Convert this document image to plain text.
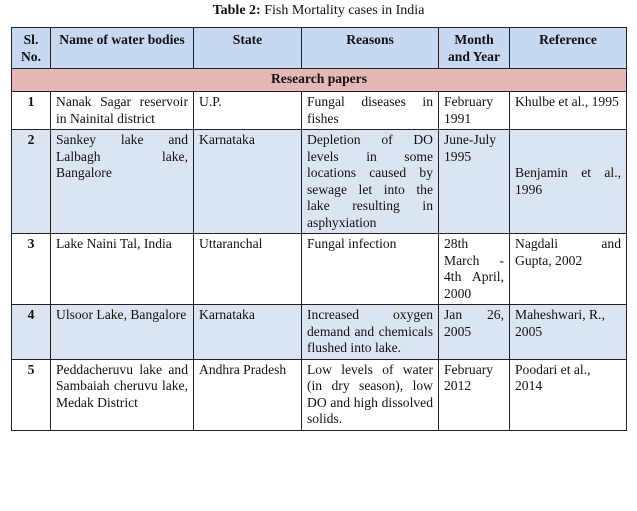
Table 2: Fish Mortality cases in India
Sl. No.	Name of water bodies	State	Reasons	Month and Year	Reference
Research papers					
1	Nanak Sagar reservoir in Nainital district	U.P.	Fungal diseases in fishes	February 1991	Khulbe et al., 1995
2	Sankey lake and Lalbagh lake, Bangalore	Karnataka	Depletion of DO levels in some locations caused by sewage let into the lake resulting in asphyxiation	June-July 1995	Benjamin et al., 1996
3	Lake Naini Tal, India	Uttaranchal	Fungal infection	28th March - 4th April, 2000	Nagdali and Gupta, 2002
4	Ulsoor Lake, Bangalore	Karnataka	Increased oxygen demand and chemicals flushed into lake.	Jan 26, 2005	Maheshwari, R., 2005
5	Peddacheruvu lake and Sambaiah cheruvu lake, Medak District	Andhra Pradesh	Low levels of water (in dry season), low DO and high dissolved solids.	February 2012	Poodari et al., 2014
